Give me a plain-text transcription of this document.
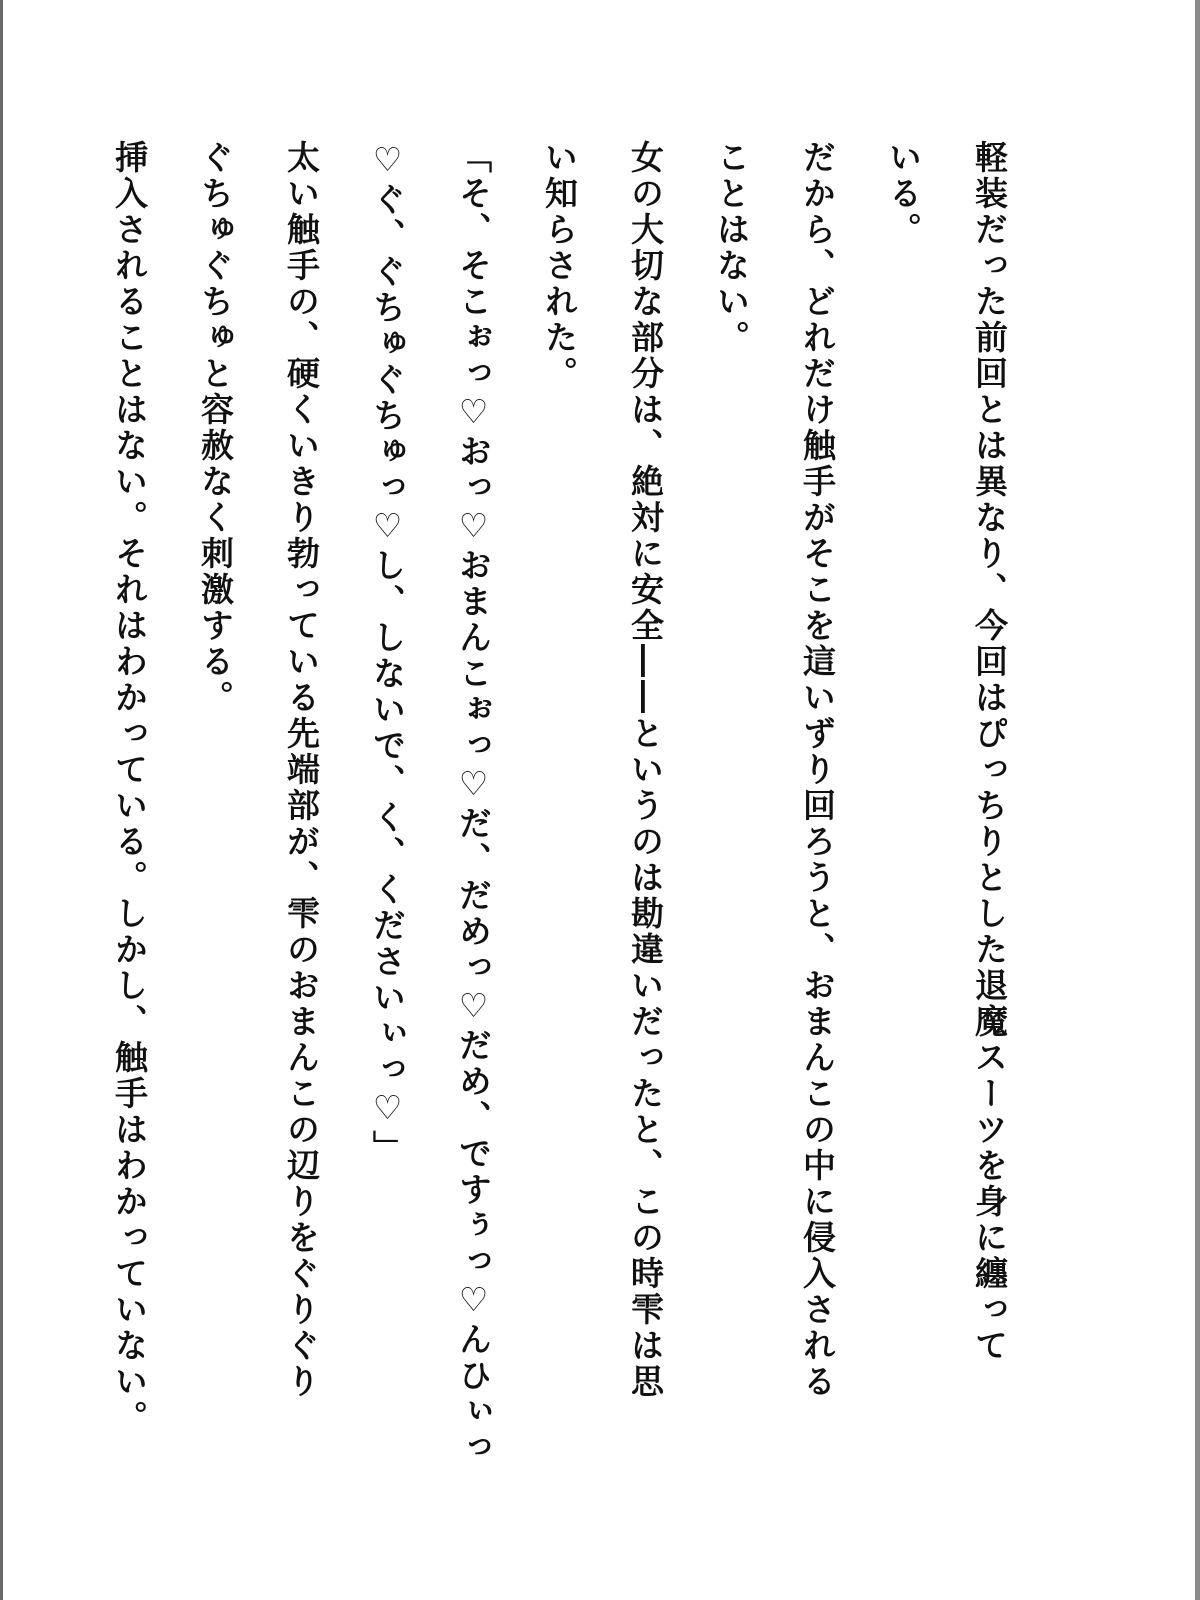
軽装だった前回とは異なり、今回はぴっちりとした退魔スーツを身に纏って

いる。

だから、どれだけ触手がそこを這いずり回ろうと、おまんこの中に侵入される

ことはない。

女の大切な部分は、絶対に安全――というのは勘違いだったと、この時雫は思

い知らされた。

「そ、そこぉっ♡おっ♡おまんこぉっ♡だ、だめっ♡だめ、ですぅっ♡んひぃっ

♡ぐ、ぐちゅぐちゅっ♡し、しないで、く、くださいぃっ♡」

太い触手の、硬くいきり勃っている先端部が、雫のおまんこの辺りをぐりぐり

ぐちゅぐちゅと容赦なく刺激する。

挿入されることはない。それはわかっている。しかし、触手はわかっていない。
